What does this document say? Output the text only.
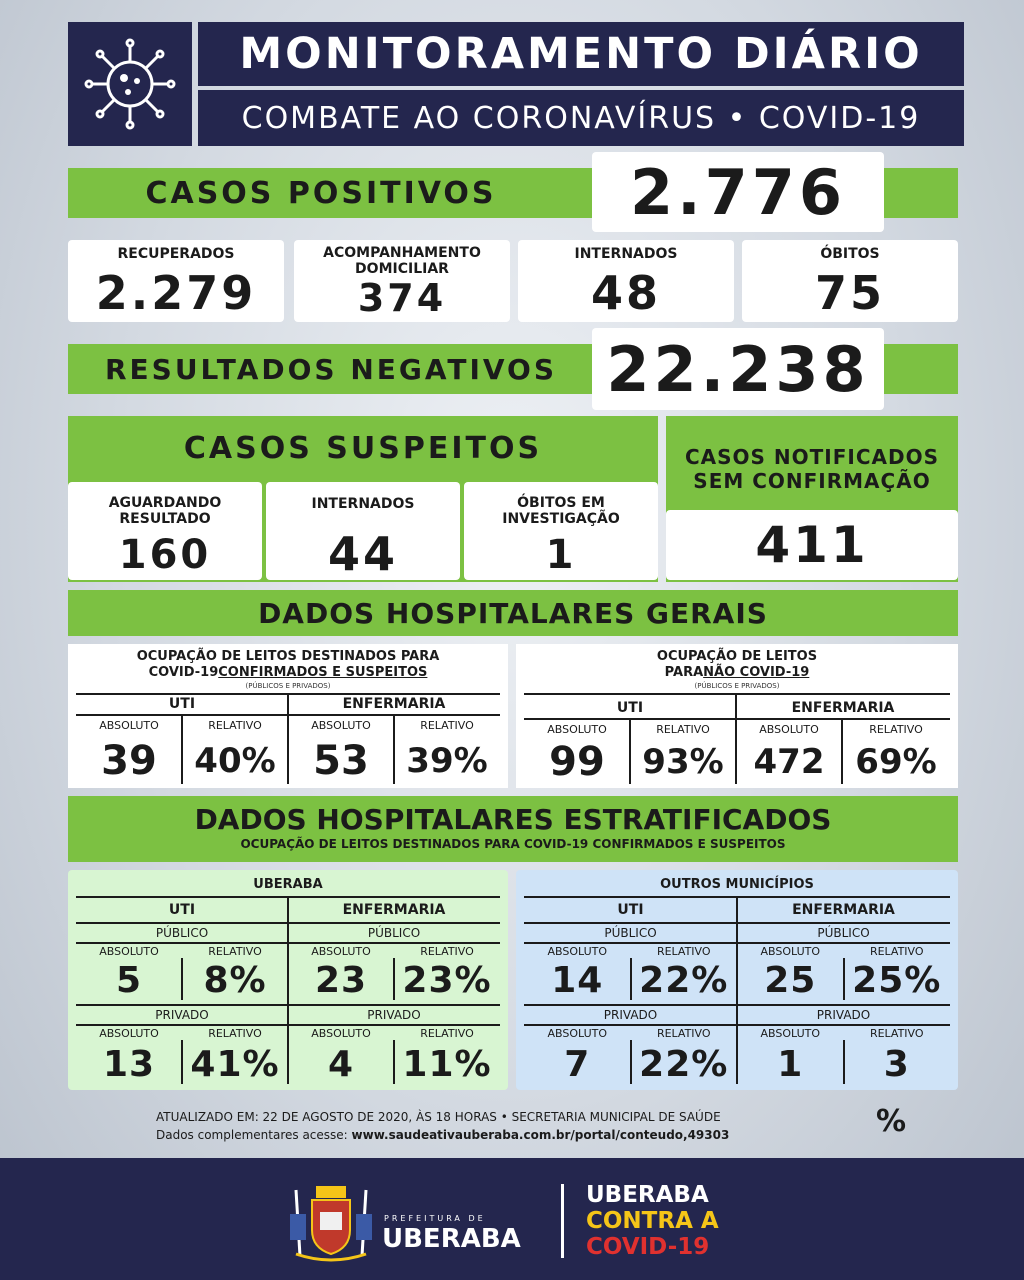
MONITORAMENTO DIÁRIO
COMBATE AO CORONAVÍRUS • COVID-19
CASOS POSITIVOS	2.776
RECUPERADOS
2.279
ACOMPANHAMENTO DOMICILIAR
374
INTERNADOS
48
ÓBITOS
75
RESULTADOS NEGATIVOS 22.238
CASOS SUSPEITOS
AGUARDANDO RESULTADO
160
INTERNADOS
44
ÓBITOS EM INVESTIGAÇÃO
1
CASOS NOTIFICADOS SEM CONFIRMAÇÃO
411
DADOS HOSPITALARES GERAIS
OCUPAÇÃO DE LEITOS DESTINADOS PARA
COVID-19 CONFIRMADOS E SUSPEITOS
(PÚBLICOS E PRIVADOS)
UTI	ENFERMARIA
ABSOLUTO	RELATIVO	ABSOLUTO	RELATIVO
39	40% 53	39%
OCUPAÇÃO DE LEITOS
PARA NÃO COVID-19
(PÚBLICOS E PRIVADOS)
UTI	ENFERMARIA
ABSOLUTO	RELATIVO	ABSOLUTO	RELATIVO
99	93% 472 69%
DADOS HOSPITALARES ESTRATIFICADOS
OCUPAÇÃO DE LEITOS DESTINADOS PARA COVID-19 CONFIRMADOS E SUSPEITOS
UBERABA
UTI	ENFERMARIA
PÚBLICO	PÚBLICO
ABSOLUTO	RELATIVO	ABSOLUTO	RELATIVO
5	8%	23 23%
PRIVADO	PRIVADO
ABSOLUTO	RELATIVO	ABSOLUTO	RELATIVO
13 41%	4	11%
OUTROS MUNICÍPIOS
UTI	ENFERMARIA
PÚBLICO	PÚBLICO
ABSOLUTO	RELATIVO	ABSOLUTO	RELATIVO
14 22% 25 25%
PRIVADO	PRIVADO
ABSOLUTO	RELATIVO	ABSOLUTO	RELATIVO
7	22%	1	3
ATUALIZADO EM: 22 DE AGOSTO DE 2020, ÀS 18 HORAS • SECRETARIA MUNICIPAL DE SAÚDE
Dados complementares acesse: www.saudeativauberaba.com.br/portal/conteudo,49303	%
PREFEITURA DE
UBERABA
UBERABA
CONTRA A
COVID-19
